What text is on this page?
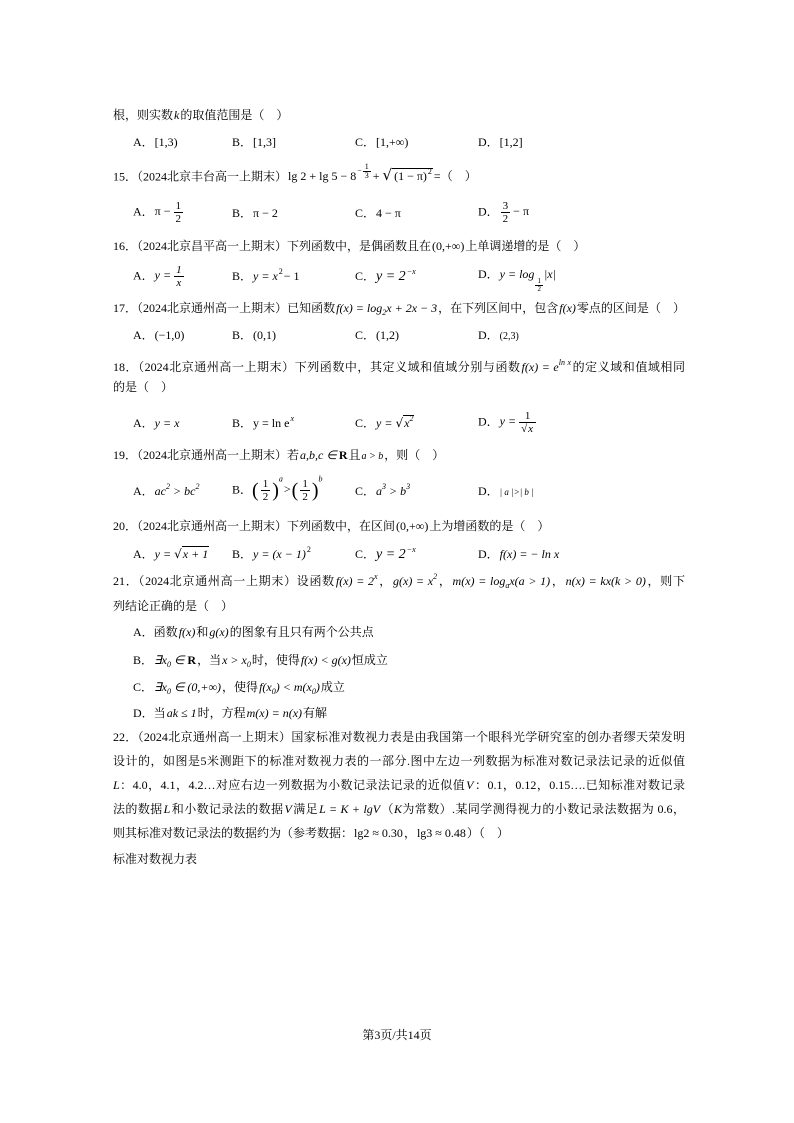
根，则实数k的取值范围是（　）
A．[1,3)	B．[1,3]	C．[1,+∞)	D．[1,2]
15．（2024北京丰台高一上期末）lg $2 + \lg 5 - 8- \frac{1}{3}$ + √ $(1 - \pi)^2$ =（　）
A．$\pi - \frac{1}{2}$	B．π − 2	C．4 − π	D． $\frac{3}{2} - \pi$
16．（2024北京昌平高一上期末）下列函数中，是偶函数且在(0,+∞)上单调递增的是（　）
A．$y = \frac{1}{x}$	B．$y = x^2- 1$	C．$y = 2^{-x}$	D．y = log
$\frac{1}{2}$
|x|
17．（2024北京通州高一上期末）已知函数$f(x) = \log_2x + 2x - 3$，在下列区间中，包含f(x)零点的区间是（　）
A．(−1,0)	B．(0,1)	C．(1,2)	D．(2,3)
18．（2024北京通州高一上期末）下列函数中，其定义域和值域分别与函数$f(x) = e^{ln x}$的定义域和值域相同
的是（　）
A．y = x	B．$y = \ln e^x$	C．$y = √x^2$	D．$y = \frac{1}{√x}$
19．（2024北京通州高一上期末）若a,b,c ∈ R且a > b，则（　）
A．$ac^2 > bc^2$	B．( $\frac{1}{2} )^a>( \frac{1}{2} )^b$
C．$a^3 > b^3$	D．| a |>| b |
20．（2024北京通州高一上期末）下列函数中，在区间(0,+∞)上为增函数的是（　）
A．y = √x + 1 B．$y = (x - 1)^2$	C．$y = 2^{-x}$	D．f(x) = − ln x
21．（2024北京通州高一上期末）设函数$f(x) = 2^x$，$g(x) = x^2$，$m(x) = \log_ax(a > 1)$，n(x) = kx(k > 0)，则下
列结论正确的是（　）
A．函数f(x)和g(x)的图象有且只有两个公共点
B．$\exists x_0$ ∈ R，当$x > x_0$时，使得f(x) < g(x)恒成立
C．$\exists x_0$ ∈ (0,+∞)，使得$f(x_0) < m(x_0)$成立
D．当ak ≤ 1时，方程m(x) = n(x)有解
22．（2024北京通州高一上期末）国家标准对数视力表是由我国第一个眼科光学研究室的创办者缪天荣发明
设计的，如图是5米测距下的标准对数视力表的一部分.图中左边一列数据为标准对数记录法记录的近似值
L：4.0，4.1，4.2…对应右边一列数据为小数记录法记录的近似值V：0.1，0.12，0.15….已知标准对数记录
法的数据L和小数记录法的数据V满足L = K + lgV（K为常数）.某同学测得视力的小数记录法数据为 0.6，
则其标准对数记录法的数据约为（参考数据：lg2 ≈ 0.30，lg3 ≈ 0.48）（　）
标准对数视力表
第3页/共14页
